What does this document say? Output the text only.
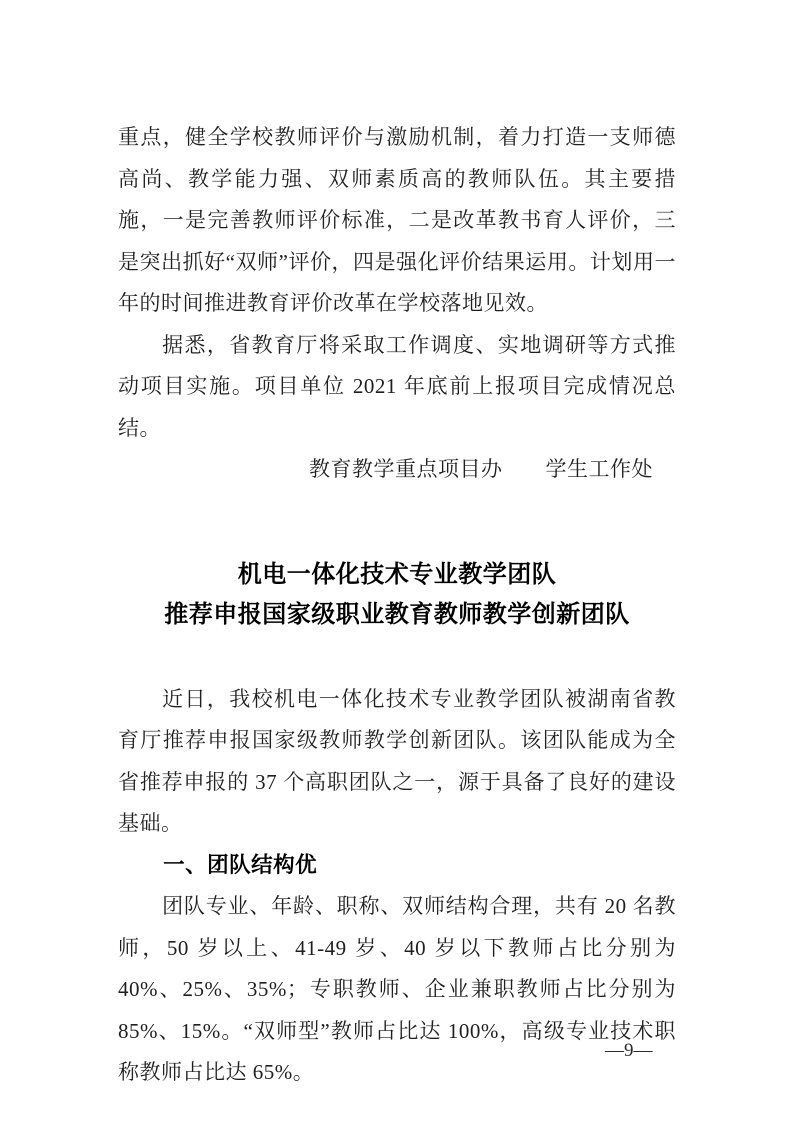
重点，健全学校教师评价与激励机制，着力打造一支师德高尚、教学能力强、双师素质高的教师队伍。其主要措施，一是完善教师评价标准，二是改革教书育人评价，三是突出抓好“双师”评价，四是强化评价结果运用。计划用一年的时间推进教育评价改革在学校落地见效。

据悉，省教育厅将采取工作调度、实地调研等方式推动项目实施。项目单位 2021 年底前上报项目完成情况总结。

教育教学重点项目办　　学生工作处

机电一体化技术专业教学团队
推荐申报国家级职业教育教师教学创新团队

近日，我校机电一体化技术专业教学团队被湖南省教育厅推荐申报国家级教师教学创新团队。该团队能成为全省推荐申报的 37 个高职团队之一，源于具备了良好的建设基础。

一、团队结构优

团队专业、年龄、职称、双师结构合理，共有 20 名教师，50 岁以上、41-49 岁、40 岁以下教师占比分别为 40%、25%、35%；专职教师、企业兼职教师占比分别为 85%、15%。“双师型”教师占比达 100%，高级专业技术职称教师占比达 65%。

—9—
